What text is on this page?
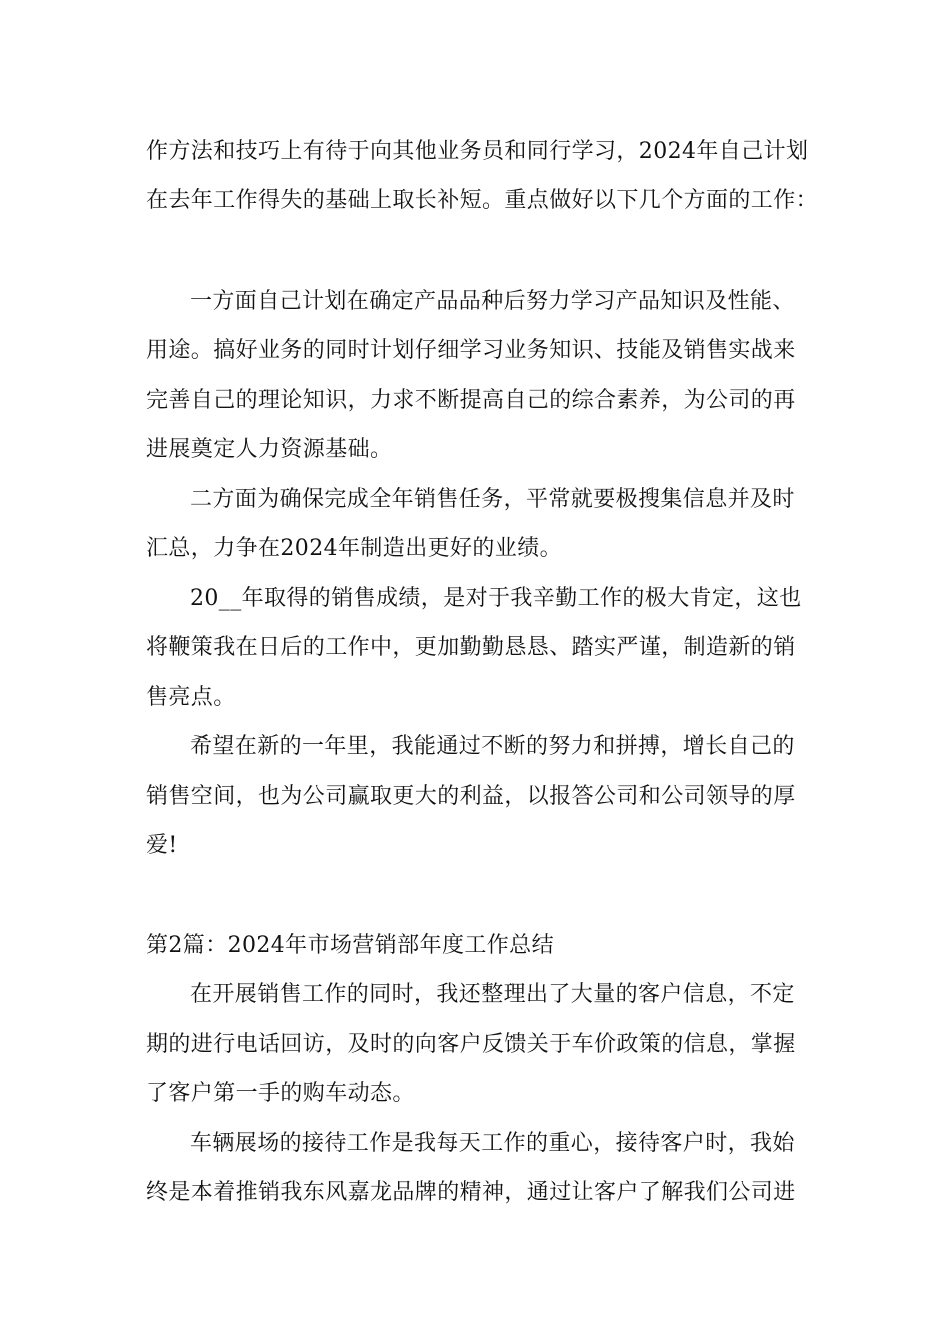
作方法和技巧上有待于向其他业务员和同行学习，2024年自己计划
在去年工作得失的基础上取长补短。重点做好以下几个方面的工作：
一方面自己计划在确定产品品种后努力学习产品知识及性能、
用途。搞好业务的同时计划仔细学习业务知识、技能及销售实战来
完善自己的理论知识，力求不断提高自己的综合素养，为公司的再
进展奠定人力资源基础。
二方面为确保完成全年销售任务，平常就要极搜集信息并及时
汇总，力争在2024年制造出更好的业绩。
20__年取得的销售成绩，是对于我辛勤工作的极大肯定，这也
将鞭策我在日后的工作中，更加勤勤恳恳、踏实严谨，制造新的销
售亮点。
希望在新的一年里，我能通过不断的努力和拼搏，增长自己的
销售空间，也为公司赢取更大的利益，以报答公司和公司领导的厚
爱!
第2篇：2024年市场营销部年度工作总结
在开展销售工作的同时，我还整理出了大量的客户信息，不定
期的进行电话回访，及时的向客户反馈关于车价政策的信息，掌握
了客户第一手的购车动态。
车辆展场的接待工作是我每天工作的重心，接待客户时，我始
终是本着推销我东风嘉龙品牌的精神，通过让客户了解我们公司进
